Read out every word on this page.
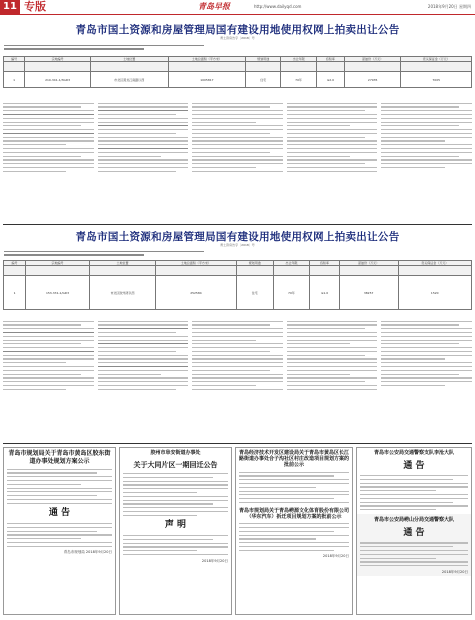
11 专版	青岛早报	http://www.dailyqd.com	2018年9月20日 星期四
青岛市国土资源和房屋管理局国有建设用地使用权网上拍卖出让公告
青土资房告字〔2018〕号
编号	宗地编号	土地位置	土地总面积（平方米）	规划用途	出让年限	容积率	起始价（万元）	竞买保证金（万元）

1	210-341-1/3GD3	市北区黑龙江南路以西	1005817	住宅	70年	≤2.0	27935	7005
青岛市国土资源和房屋管理局国有建设用地使用权网上拍卖出让公告
青土资房告字〔2018〕号
编号	宗地编号	土地位置	土地总面积（平方米）	规划用途	出让年限	容积率	起始价（万元）	竞买保证金（万元）

1	153-331-1/GD3	市北区胶州湾以西	252584	住宅	70年	≤1.0	38257	1520
青岛市规划局关于青岛市黄岛区胶东街道办事处规划方案公示
通 告
青岛市规划局 2018年9月20日
胶州市阜安街道办事处
关于大同片区一期回迁公告
声 明
2018年9月20日
青岛经济技术开发区建设局关于青岛市黄岛区长江路街道办事处合子沟社区村庄改造项目规划方案的批前公示
青岛市规划局关于青岛崂源文化体育股份有限公司（华东汽车）拆迁项目规划方案的批前公示
2018年9月20日
青岛市公安局交通警察支队李沧大队
通 告
青岛市公安局崂山分局交通警察大队
通 告
2018年9月20日
